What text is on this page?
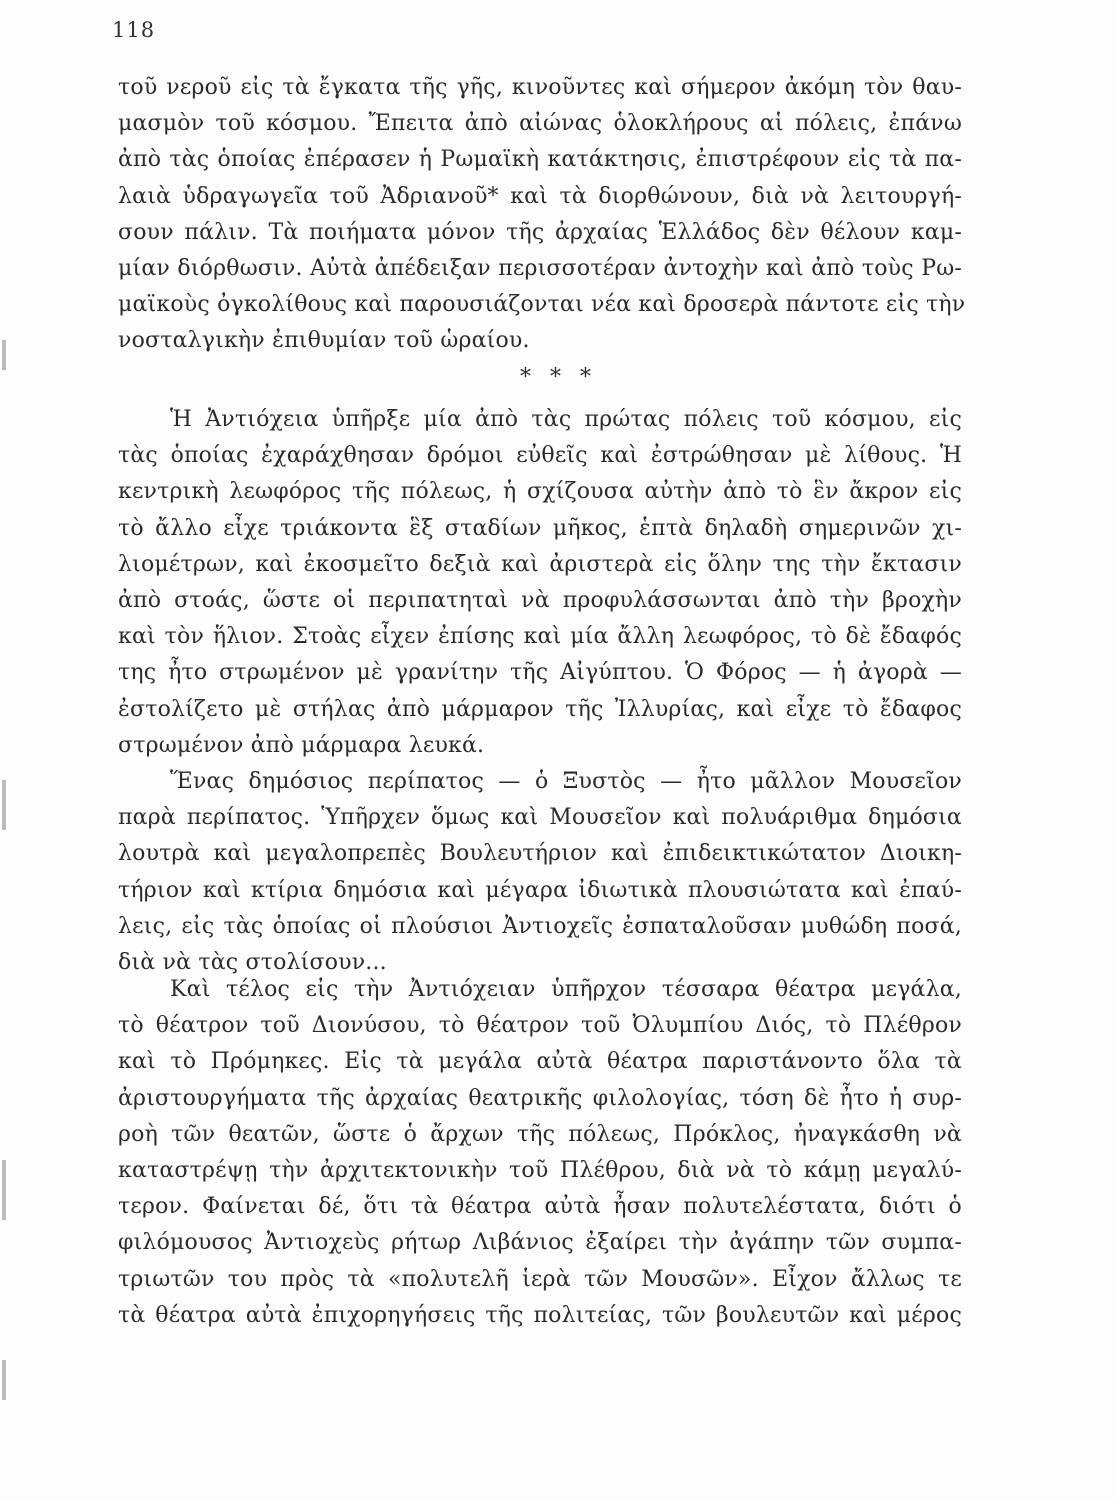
118
τοῦ νεροῦ εἰς τὰ ἔγκατα τῆς γῆς, κινοῦντες καὶ σήμερον ἀκόμη τὸν θαυ-
μασμὸν τοῦ κόσμου. Ἔπειτα ἀπὸ αἰώνας ὁλοκλήρους αἱ πόλεις, ἐπάνω
ἀπὸ τὰς ὁποίας ἐπέρασεν ἡ Ρωμαϊκὴ κατάκτησις, ἐπιστρέφουν εἰς τὰ πα-
λαιὰ ὑδραγωγεῖα τοῦ Ἀδριανοῦ* καὶ τὰ διορθώνουν, διὰ νὰ λειτουργή-
σουν πάλιν. Τὰ ποιήματα μόνον τῆς ἀρχαίας Ἑλλάδος δὲν θέλουν καμ-
μίαν διόρθωσιν. Αὐτὰ ἀπέδειξαν περισσοτέραν ἀντοχὴν καὶ ἀπὸ τοὺς Ρω-
μαϊκοὺς ὀγκολίθους καὶ παρουσιάζονται νέα καὶ δροσερὰ πάντοτε εἰς τὴν
νοσταλγικὴν ἐπιθυμίαν τοῦ ὡραίου.
* * *
Ἡ Ἀντιόχεια ὑπῆρξε μία ἀπὸ τὰς πρώτας πόλεις τοῦ κόσμου, εἰς
τὰς ὁποίας ἐχαράχθησαν δρόμοι εὐθεῖς καὶ ἐστρώθησαν μὲ λίθους. Ἡ
κεντρικὴ λεωφόρος τῆς πόλεως, ἡ σχίζουσα αὐτὴν ἀπὸ τὸ ἓν ἄκρον εἰς
τὸ ἄλλο εἶχε τριάκοντα ἓξ σταδίων μῆκος, ἑπτὰ δηλαδὴ σημερινῶν χι-
λιομέτρων, καὶ ἐκοσμεῖτο δεξιὰ καὶ ἀριστερὰ εἰς ὅλην της τὴν ἔκτασιν
ἀπὸ στοάς, ὥστε οἱ περιπατηταὶ νὰ προφυλάσσωνται ἀπὸ τὴν βροχὴν
καὶ τὸν ἥλιον. Στοὰς εἶχεν ἐπίσης καὶ μία ἄλλη λεωφόρος, τὸ δὲ ἔδαφός
της ἦτο στρωμένον μὲ γρανίτην τῆς Αἰγύπτου. Ὁ Φόρος — ἡ ἀγορὰ —
ἐστολίζετο μὲ στήλας ἀπὸ μάρμαρον τῆς Ἰλλυρίας, καὶ εἶχε τὸ ἔδαφος
στρωμένον ἀπὸ μάρμαρα λευκά.
Ἕνας δημόσιος περίπατος — ὁ Ξυστὸς — ἦτο μᾶλλον Μουσεῖον
παρὰ περίπατος. Ὑπῆρχεν ὅμως καὶ Μουσεῖον καὶ πολυάριθμα δημόσια
λουτρὰ καὶ μεγαλοπρεπὲς Βουλευτήριον καὶ ἐπιδεικτικώτατον Διοικη-
τήριον καὶ κτίρια δημόσια καὶ μέγαρα ἰδιωτικὰ πλουσιώτατα καὶ ἐπαύ-
λεις, εἰς τὰς ὁποίας οἱ πλούσιοι Ἀντιοχεῖς ἐσπαταλοῦσαν μυθώδη ποσά,
διὰ νὰ τὰς στολίσουν...
Καὶ τέλος εἰς τὴν Ἀντιόχειαν ὑπῆρχον τέσσαρα θέατρα μεγάλα,
τὸ θέατρον τοῦ Διονύσου, τὸ θέατρον τοῦ Ὀλυμπίου Διός, τὸ Πλέθρον
καὶ τὸ Πρόμηκες. Εἰς τὰ μεγάλα αὐτὰ θέατρα παριστάνοντο ὅλα τὰ
ἀριστουργήματα τῆς ἀρχαίας θεατρικῆς φιλολογίας, τόση δὲ ἦτο ἡ συρ-
ροὴ τῶν θεατῶν, ὥστε ὁ ἄρχων τῆς πόλεως, Πρόκλος, ἠναγκάσθη νὰ
καταστρέψῃ τὴν ἀρχιτεκτονικὴν τοῦ Πλέθρου, διὰ νὰ τὸ κάμῃ μεγαλύ-
τερον. Φαίνεται δέ, ὅτι τὰ θέατρα αὐτὰ ἦσαν πολυτελέστατα, διότι ὁ
φιλόμουσος Ἀντιοχεὺς ρήτωρ Λιβάνιος ἐξαίρει τὴν ἀγάπην τῶν συμπα-
τριωτῶν του πρὸς τὰ «πολυτελῆ ἱερὰ τῶν Μουσῶν». Εἶχον ἄλλως τε
τὰ θέατρα αὐτὰ ἐπιχορηγήσεις τῆς πολιτείας, τῶν βουλευτῶν καὶ μέρος
